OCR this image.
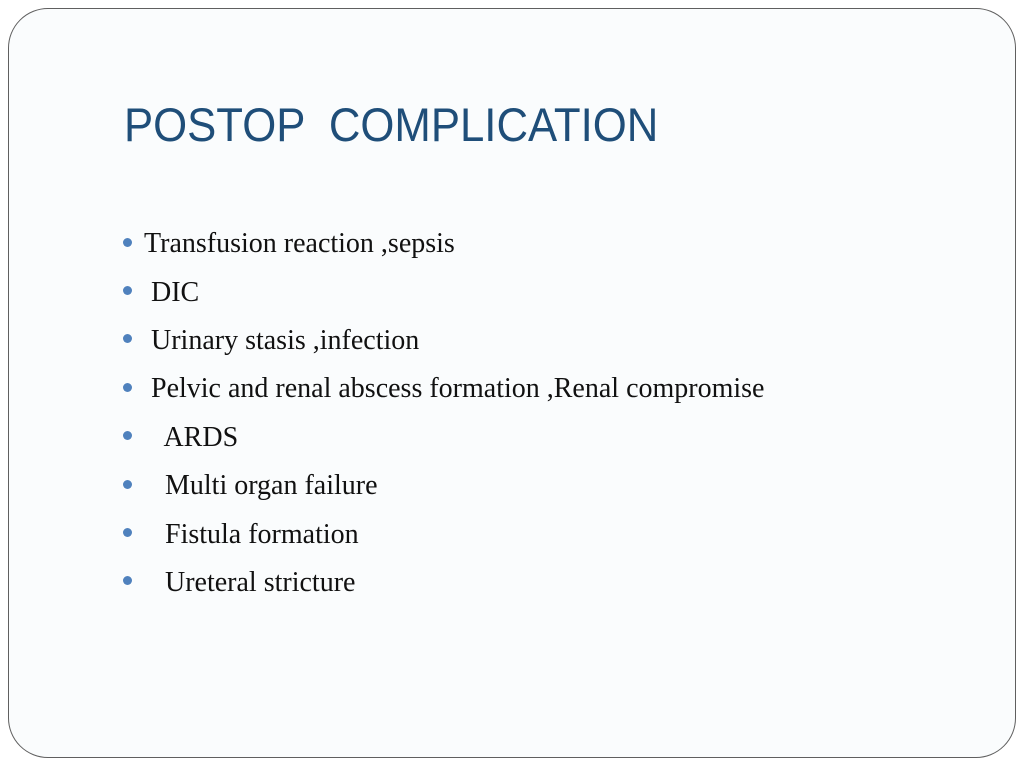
POSTOP  COMPLICATION
Transfusion reaction ,sepsis
DIC
Urinary stasis ,infection
Pelvic and renal abscess formation ,Renal compromise
ARDS
Multi organ failure
Fistula formation
Ureteral stricture
